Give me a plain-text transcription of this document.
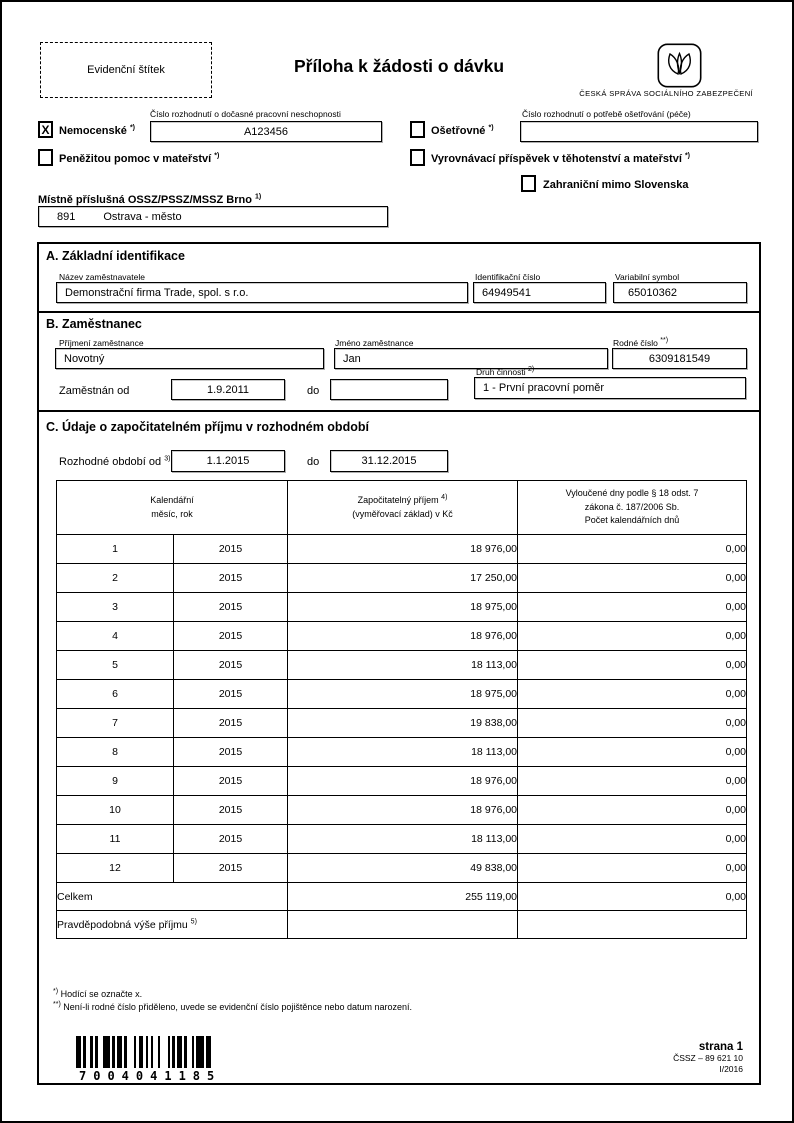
Evidenční štítek	Příloha k žádosti o dávku
ČESKÁ SPRÁVA SOCIÁLNÍHO ZABEZPEČENÍ
Číslo rozhodnutí o dočasné pracovní neschopnosti	Číslo rozhodnutí o potřebě ošetřování (péče)
X Nemocenské *)	A123456	Ošetřovné *)
Peněžitou pomoc v mateřství *)	Vyrovnávací příspěvek v těhotenství a mateřství *)
Zahraniční mimo Slovenska
Místně příslušná OSSZ/PSSZ/MSSZ Brno $^{1)}$
891	Ostrava - město
A. Základní identifikace
Název zaměstnavatele	Identifikační číslo	Variabilní symbol
Demonstrační firma Trade, spol. s r.o.	64949541	65010362
B. Zaměstnanec
Příjmení zaměstnance	Jméno zaměstnance	Rodné číslo **)
Novotný	Jan	6309181549
Zaměstnán od	1.9.2011	do
Druh činnosti $^{2)}$
1 - První pracovní poměr
C. Údaje o započitatelném příjmu v rozhodném období
Rozhodné období od $^{3)}$	1.1.2015	do	31.12.2015
Kalendářní
měsíc, rok

Započitatelný příjem $^{4)}$
(vyměřovací základ) v Kč

Vyloučené dny podle § 18 odst. 7
zákona č. 187/2006 Sb.
Počet kalendářních dnů

1	2015	18 976,00	0,00
2	2015	17 250,00	0,00
3	2015	18 975,00	0,00
4	2015	18 976,00	0,00
5	2015	18 113,00	0,00
6	2015	18 975,00	0,00
7	2015	19 838,00	0,00
8	2015	18 113,00	0,00
9	2015	18 976,00	0,00
10	2015	18 976,00	0,00
11	2015	18 113,00	0,00
12	2015	49 838,00	0,00
Celkem		255 119,00	0,00
Pravděpodobná výše příjmu $^{5)}$		
*) Hodící se označte x.
**) Není-li rodné číslo přiděleno, uvede se evidenční číslo pojištěnce nebo datum narození.
7004041185
strana 1
ČSSZ – 89 621 10
I/2016
